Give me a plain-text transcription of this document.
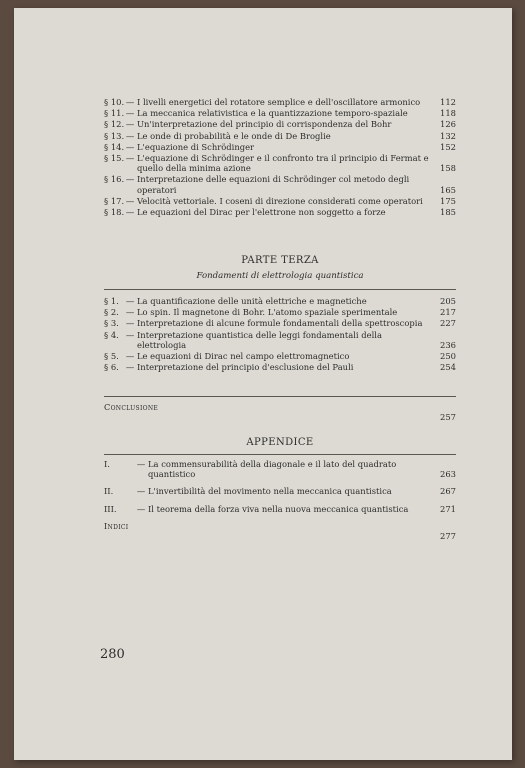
§ 10. — I livelli energetici del rotatore semplice e dell'oscillatore armonico	112
§ 11. — La meccanica relativistica e la quantizzazione temporo-spaziale	118
§ 12. — Un'interpretazione del principio di corrispondenza del Bohr	126
§ 13. — Le onde di probabilità e le onde di De Broglie	132
§ 14. — L'equazione di Schrödinger	152
§ 15. — L'equazione di Schrödinger e il confronto tra il principio di Fermat e quello della minima azione	158
§ 16. — Interpretazione delle equazioni di Schrödinger col metodo degli operatori	165
§ 17. — Velocità vettoriale. I coseni di direzione considerati come operatori	175
§ 18. — Le equazioni del Dirac per l'elettrone non soggetto a forze	185
PARTE TERZA
Fondamenti di elettrologia quantistica
§ 1. — La quantificazione delle unità elettriche e magnetiche	205
§ 2. — Lo spin. Il magnetone di Bohr. L'atomo spaziale sperimentale	217
§ 3. — Interpretazione di alcune formule fondamentali della spettroscopia	227
§ 4. — Interpretazione quantistica delle leggi fondamentali della elettrologia	236
§ 5. — Le equazioni di Dirac nel campo elettromagnetico	250
§ 6. — Interpretazione del principio d'esclusione del Pauli	254
Conclusione
257
APPENDICE
I.	— La commensurabilità della diagonale e il lato del quadrato quantistico	263
II.	— L'invertibilità del movimento nella meccanica quantistica	267
III.	— Il teorema della forza viva nella nuova meccanica quantistica	271
Indici
277
280
